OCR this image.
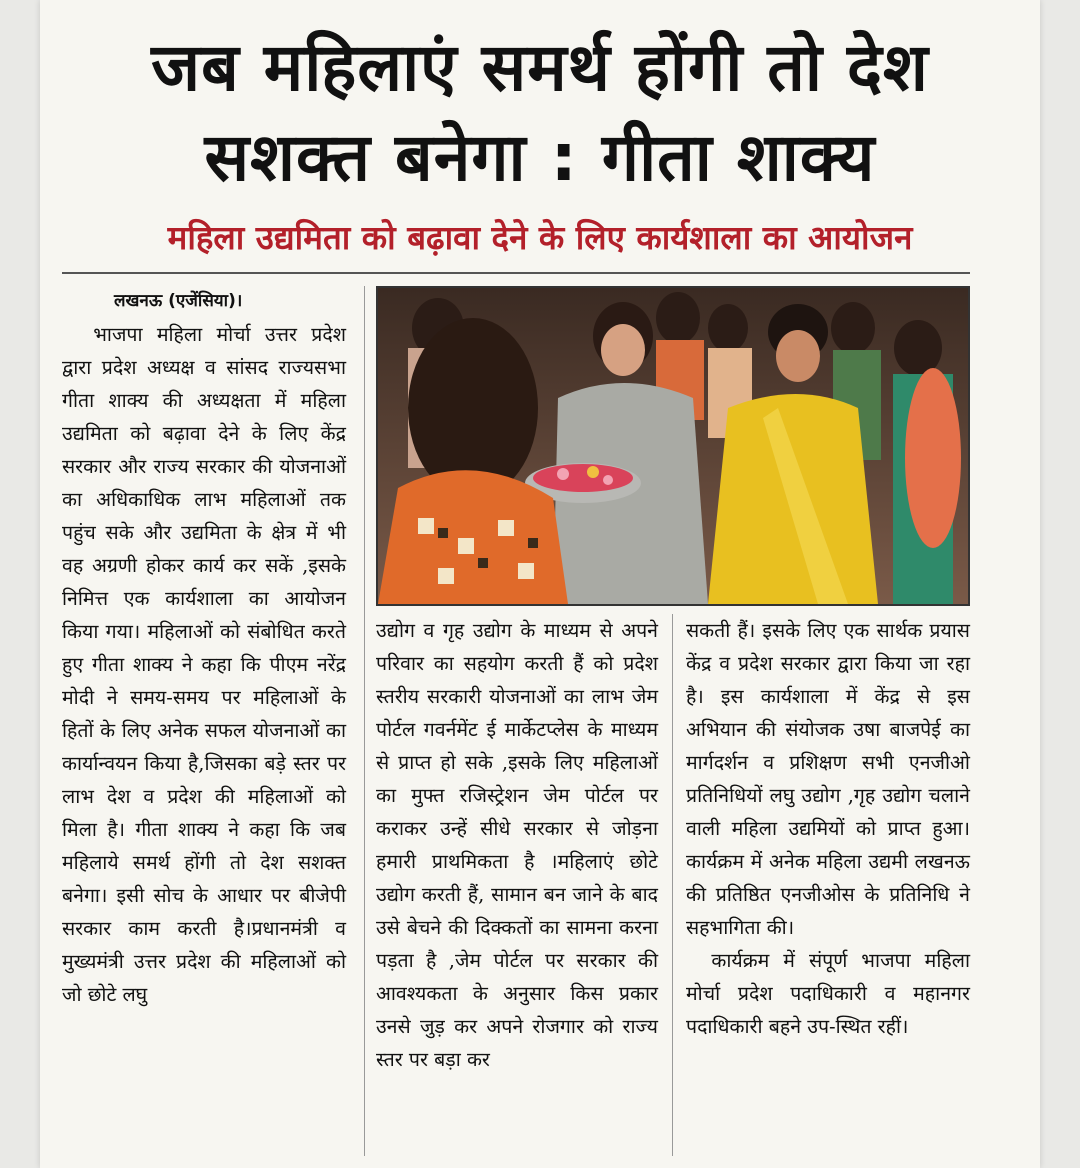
जब महिलाएं समर्थ होंगी तो देश
सशक्त बनेगा : गीता शाक्य
महिला उद्यमिता को बढ़ावा देने के लिए कार्यशाला का आयोजन
लखनऊ (एजेंसिया)।

भाजपा महिला मोर्चा उत्तर प्रदेश द्वारा प्रदेश अध्यक्ष व सांसद राज्यसभा गीता शाक्य की अध्यक्षता में महिला उद्यमिता को बढ़ावा देने के लिए केंद्र सरकार और राज्य सरकार की योजनाओं का अधिकाधिक लाभ महिलाओं तक पहुंच सके और उद्यमिता के क्षेत्र में भी वह अग्रणी होकर कार्य कर सकें ,इसके निमित्त एक कार्यशाला का आयोजन किया गया। महिलाओं को संबोधित करते हुए गीता शाक्य ने कहा कि पीएम नरेंद्र मोदी ने समय-समय पर महिलाओं के हितों के लिए अनेक सफल योजनाओं का कार्यान्वयन किया है,जिसका बड़े स्तर पर लाभ देश व प्रदेश की महिलाओं को मिला है। गीता शाक्य ने कहा कि जब महिलाये समर्थ होंगी तो देश सशक्त बनेगा। इसी सोच के आधार पर बीजेपी सरकार काम करती है।प्रधानमंत्री व मुख्यमंत्री उत्तर प्रदेश की महिलाओं को जो छोटे लघु

उद्योग व गृह उद्योग के माध्यम से अपने परिवार का सहयोग करती हैं को प्रदेश स्तरीय सरकारी योजनाओं का लाभ जेम पोर्टल गवर्नमेंट ई मार्केटप्लेस के माध्यम से प्राप्त हो सके ,इसके लिए महिलाओं का मुफ्त रजिस्ट्रेशन जेम पोर्टल पर कराकर उन्हें सीधे सरकार से जोड़ना हमारी प्राथमिकता है ।महिलाएं छोटे उद्योग करती हैं, सामान बन जाने के बाद उसे बेचने की दिक्कतों का सामना करना पड़ता है ,जेम पोर्टल पर सरकार की आवश्यकता के अनुसार किस प्रकार उनसे जुड़ कर अपने रोजगार को राज्य स्तर पर बड़ा कर

सकती हैं। इसके लिए एक सार्थक प्रयास केंद्र व प्रदेश सरकार द्वारा किया जा रहा है। इस कार्यशाला में केंद्र से इस अभियान की संयोजक उषा बाजपेई का मार्गदर्शन व प्रशिक्षण सभी एनजीओ प्रतिनिधियों लघु उद्योग ,गृह उद्योग चलाने वाली महिला उद्यमियों को प्राप्त हुआ। कार्यक्रम में अनेक महिला उद्यमी लखनऊ की प्रतिष्ठित एनजीओस के प्रतिनिधि ने सहभागिता की।

कार्यक्रम में संपूर्ण भाजपा महिला मोर्चा प्रदेश पदाधिकारी व महानगर पदाधिकारी बहने उप-स्थित रहीं।
